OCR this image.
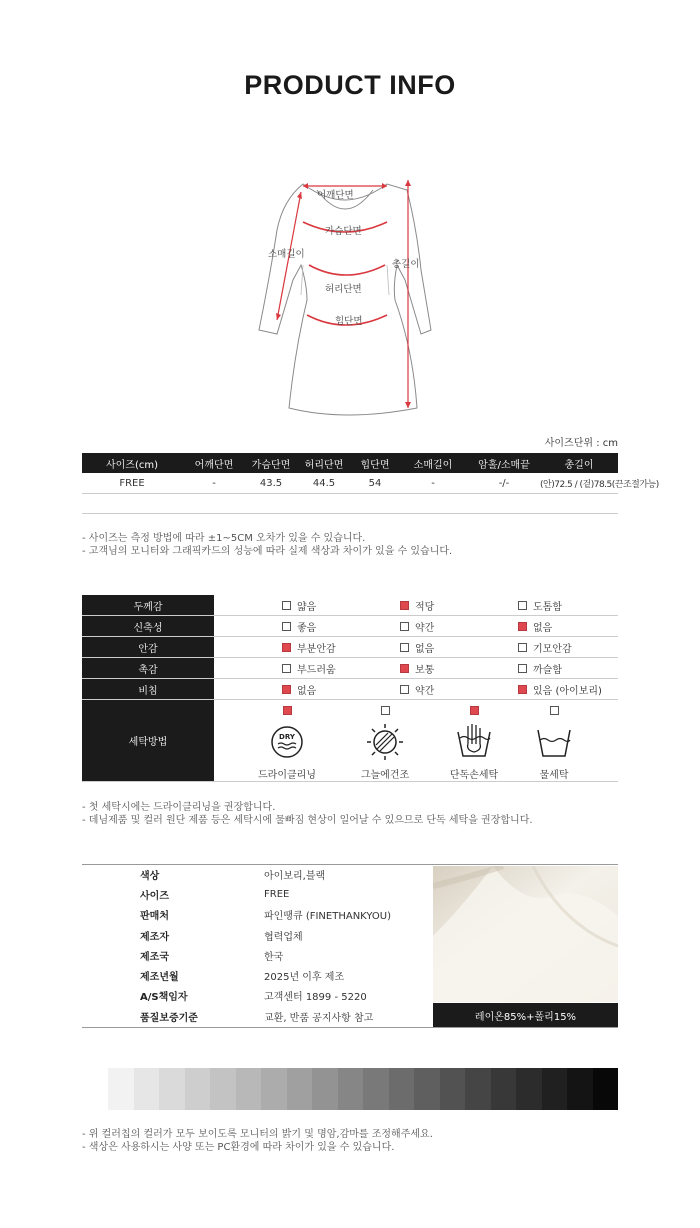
PRODUCT INFO
어깨단면
가슴단면
소매길이
총길이
허리단면
힙단면
사이즈단위 : cm
사이즈(cm)	어깨단면	가슴단면	허리단면	힙단면	소매길이	암홀/소매끝	총길이
FREE	-	43.5	44.5	54	-	-/-	(안)72.5 / (겉)78.5(끈조절가능)
- 사이즈는 측정 방법에 따라 ±1~5CM 오차가 있을 수 있습니다.
- 고객님의 모니터와 그래픽카드의 성능에 따라 실제 색상과 차이가 있을 수 있습니다.
두께감	얇음	적당	도톰함
신축성	좋음	약간	없음
안감	부분안감	없음	기모안감
촉감	부드러움	보통	까슬함
비침	없음	약간	있음 (아이보리)
세탁방법	DRY
드라이클리닝	그늘에건조	단독손세탁	물세탁
- 첫 세탁시에는 드라이클리닝을 권장합니다.
- 데님제품 및 컬러 원단 제품 등은 세탁시에 물빠짐 현상이 일어날 수 있으므로 단독 세탁을 권장합니다.
색상	아이보리,블랙
사이즈	FREE
판매처	파인땡큐 (FINETHANKYOU)
제조자	협력업체
제조국	한국
제조년월	2025년 이후 제조
A/S책임자	고객센터 1899 - 5220
품질보증기준	교환, 반품 공지사항 참고	레이온85%+폴리15%
- 위 컬러칩의 컬러가 모두 보이도록 모니터의 밝기 및 명암,감마를 조정해주세요.
- 색상은 사용하시는 사양 또는 PC환경에 따라 차이가 있을 수 있습니다.
